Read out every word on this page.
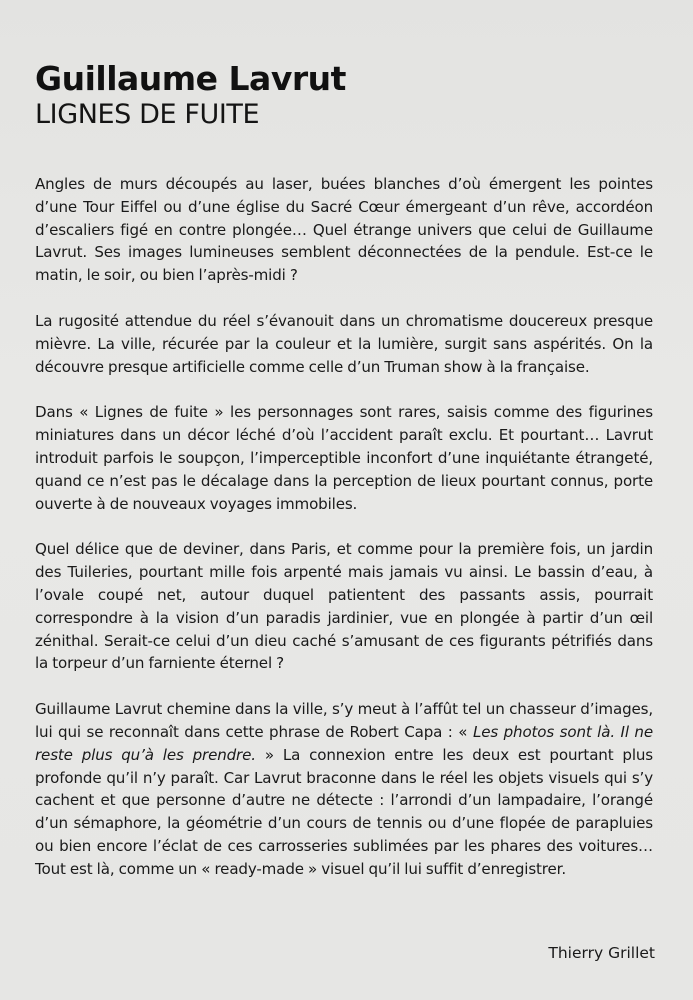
Guillaume Lavrut
LIGNES DE FUITE

Angles de murs découpés au laser, buées blanches d’où émergent les pointes d’une Tour Eiffel ou d’une église du Sacré Cœur émergeant d’un rêve, accordéon d’escaliers figé en contre plongée… Quel étrange univers que celui de Guillaume Lavrut. Ses images lumineuses semblent déconnectées de la pendule. Est-ce le matin, le soir, ou bien l’après-midi ?

La rugosité attendue du réel s’évanouit dans un chromatisme doucereux presque mièvre. La ville, récurée par la couleur et la lumière, surgit sans aspérités. On la découvre presque artificielle comme celle d’un Truman show à la française.

Dans « Lignes de fuite » les personnages sont rares, saisis comme des figurines miniatures dans un décor léché d’où l’accident paraît exclu. Et pourtant… Lavrut introduit parfois le soupçon, l’imperceptible inconfort d’une inquiétante étrangeté, quand ce n’est pas le décalage dans la perception de lieux pourtant connus, porte ouverte à de nouveaux voyages immobiles.

Quel délice que de deviner, dans Paris, et comme pour la première fois, un jardin des Tuileries, pourtant mille fois arpenté mais jamais vu ainsi. Le bassin d’eau, à l’ovale coupé net, autour duquel patientent des passants assis, pourrait correspondre à la vision d’un paradis jardinier, vue en plongée à partir d’un œil zénithal. Serait-ce celui d’un dieu caché s’amusant de ces figurants pétrifiés dans la torpeur d’un farniente éternel ?

Guillaume Lavrut chemine dans la ville, s’y meut à l’affût tel un chasseur d’images, lui qui se reconnaît dans cette phrase de Robert Capa : « Les photos sont là. Il ne reste plus qu’à les prendre. » La connexion entre les deux est pourtant plus profonde qu’il n’y paraît. Car Lavrut braconne dans le réel les objets visuels qui s’y cachent et que personne d’autre ne détecte : l’arrondi d’un lampadaire, l’orangé d’un sémaphore, la géométrie d’un cours de tennis ou d’une flopée de parapluies ou bien encore l’éclat de ces carrosseries sublimées par les phares des voitures… Tout est là, comme un « ready-made » visuel qu’il lui suffit d’enregistrer.

Thierry Grillet
